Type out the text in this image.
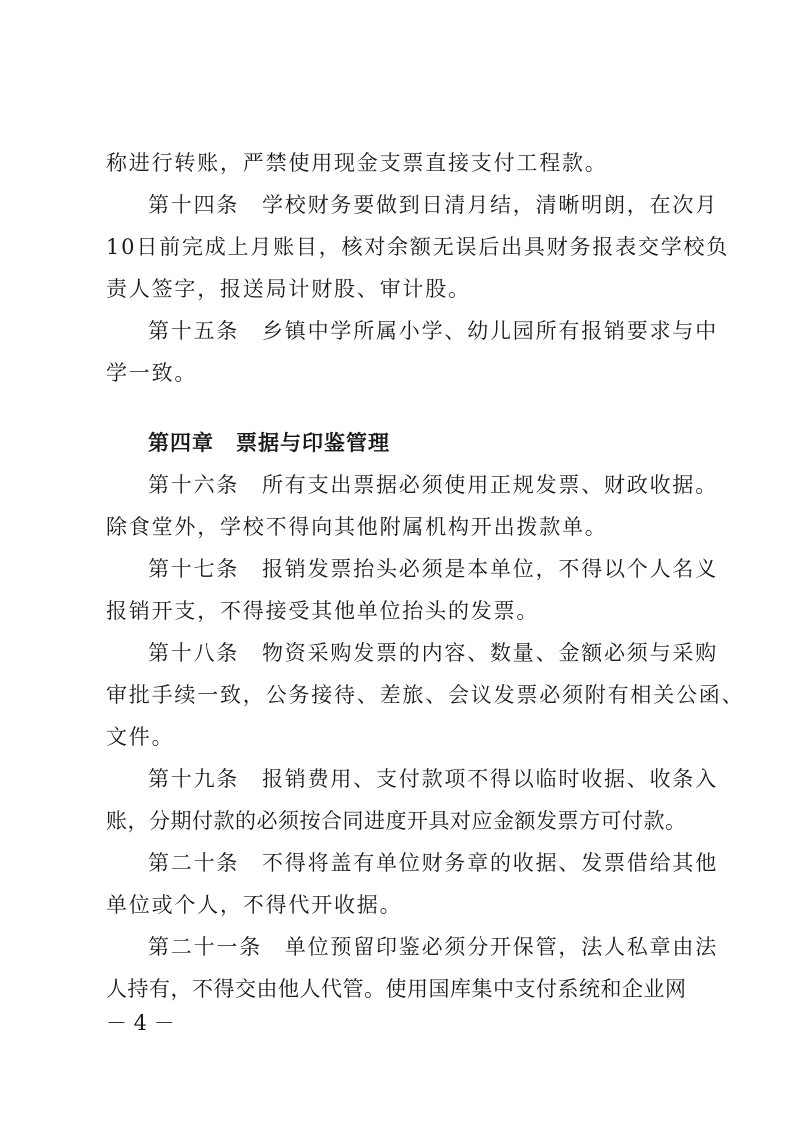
称进行转账，严禁使用现金支票直接支付工程款。

第十四条　学校财务要做到日清月结，清晰明朗，在次月

10日前完成上月账目，核对余额无误后出具财务报表交学校负

责人签字，报送局计财股、审计股。

第十五条　乡镇中学所属小学、幼儿园所有报销要求与中

学一致。

第四章　票据与印鉴管理

第十六条　所有支出票据必须使用正规发票、财政收据。

除食堂外，学校不得向其他附属机构开出拨款单。

第十七条　报销发票抬头必须是本单位，不得以个人名义

报销开支，不得接受其他单位抬头的发票。

第十八条　物资采购发票的内容、数量、金额必须与采购

审批手续一致，公务接待、差旅、会议发票必须附有相关公函、

文件。

第十九条　报销费用、支付款项不得以临时收据、收条入

账，分期付款的必须按合同进度开具对应金额发票方可付款。

第二十条　不得将盖有单位财务章的收据、发票借给其他

单位或个人，不得代开收据。

第二十一条　单位预留印鉴必须分开保管，法人私章由法

人持有，不得交由他人代管。使用国库集中支付系统和企业网

－ 4 －
